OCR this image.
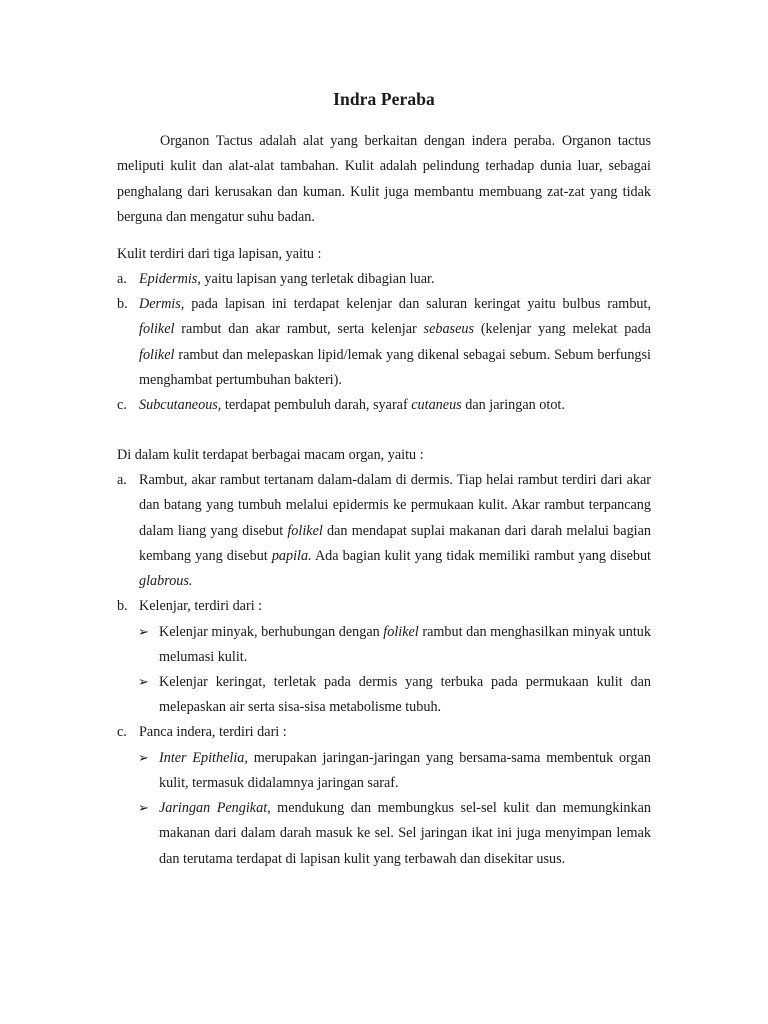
Indra Peraba

Organon Tactus adalah alat yang berkaitan dengan indera peraba. Organon tactus meliputi kulit dan alat-alat tambahan. Kulit adalah pelindung terhadap dunia luar, sebagai penghalang dari kerusakan dan kuman. Kulit juga membantu membuang zat-zat yang tidak berguna dan mengatur suhu badan.

Kulit terdiri dari tiga lapisan, yaitu :

a. Epidermis, yaitu lapisan yang terletak dibagian luar.
b. Dermis, pada lapisan ini terdapat kelenjar dan saluran keringat yaitu bulbus rambut, folikel rambut dan akar rambut, serta kelenjar sebaseus (kelenjar yang melekat pada folikel rambut dan melepaskan lipid/lemak yang dikenal sebagai sebum. Sebum berfungsi menghambat pertumbuhan bakteri).
c. Subcutaneous, terdapat pembuluh darah, syaraf cutaneus dan jaringan otot.

Di dalam kulit terdapat berbagai macam organ, yaitu :

a. Rambut, akar rambut tertanam dalam-dalam di dermis. Tiap helai rambut terdiri dari akar dan batang yang tumbuh melalui epidermis ke permukaan kulit. Akar rambut terpancang dalam liang yang disebut folikel dan mendapat suplai makanan dari darah melalui bagian kembang yang disebut papila. Ada bagian kulit yang tidak memiliki rambut yang disebut glabrous.
b. Kelenjar, terdiri dari :
➢ Kelenjar minyak, berhubungan dengan folikel rambut dan menghasilkan minyak untuk melumasi kulit.
➢ Kelenjar keringat, terletak pada dermis yang terbuka pada permukaan kulit dan melepaskan air serta sisa-sisa metabolisme tubuh.
c. Panca indera, terdiri dari :
➢ Inter Epithelia, merupakan jaringan-jaringan yang bersama-sama membentuk organ kulit, termasuk didalamnya jaringan saraf.
➢ Jaringan Pengikat, mendukung dan membungkus sel-sel kulit dan memungkinkan makanan dari dalam darah masuk ke sel. Sel jaringan ikat ini juga menyimpan lemak dan terutama terdapat di lapisan kulit yang terbawah dan disekitar usus.
